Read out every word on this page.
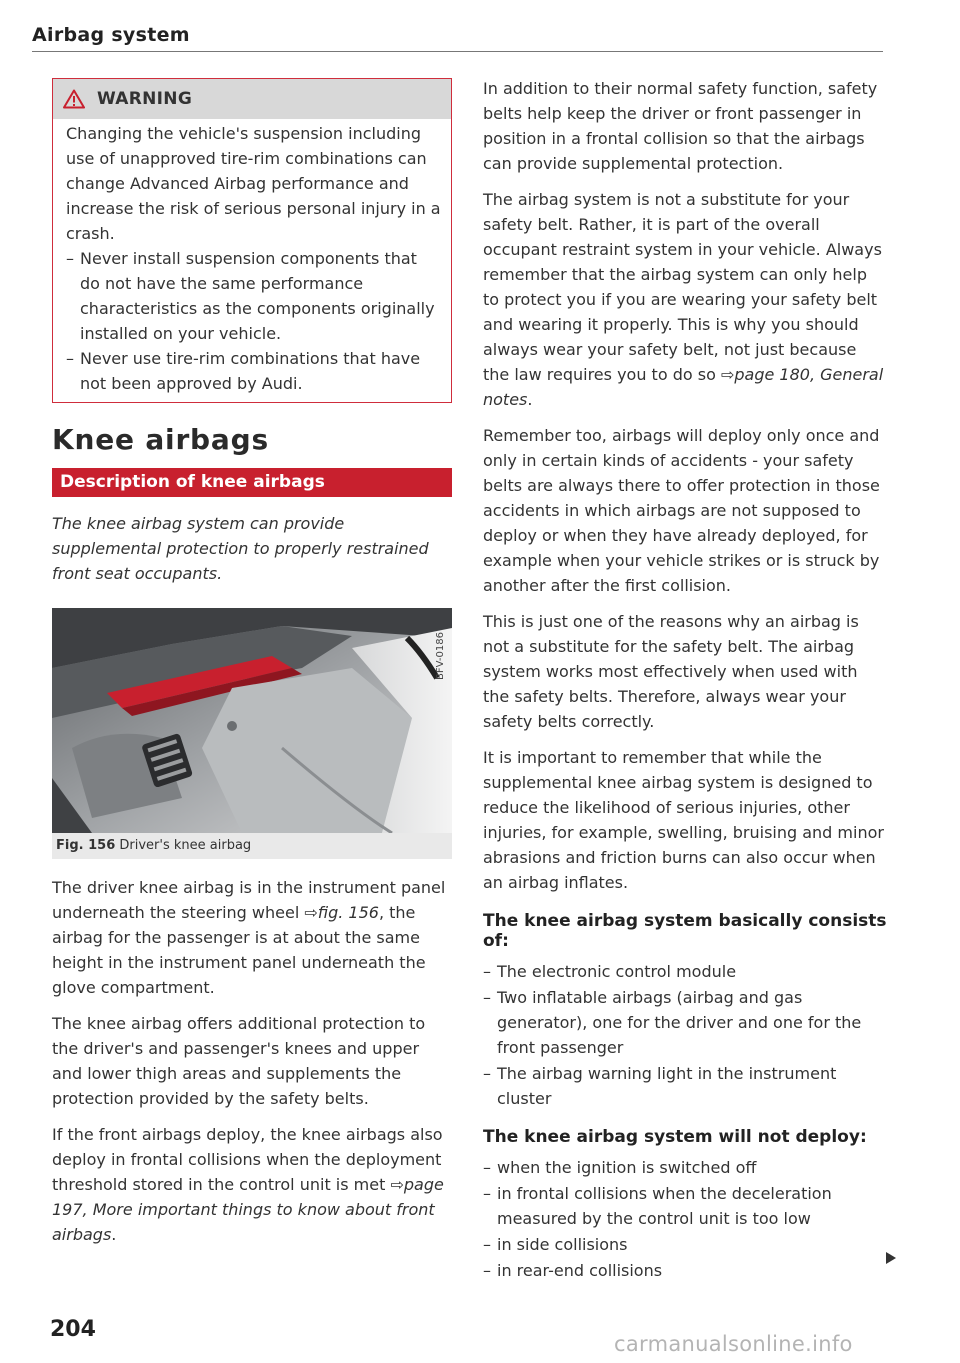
Airbag system
WARNING

Changing the vehicle's suspension including use of unapproved tire-rim combinations can change Advanced Airbag performance and increase the risk of serious personal injury in a crash.

– Never install suspension components that do not have the same performance characteristics as the components originally installed on your vehicle.
– Never use tire-rim combinations that have not been approved by Audi.
Knee airbags
Description of knee airbags
The knee airbag system can provide supplemental protection to properly restrained front seat occupants.
BFV-0186
Fig. 156 Driver's knee airbag

The driver knee airbag is in the instrument panel underneath the steering wheel ⇨fig. 156, the airbag for the passenger is at about the same height in the instrument panel underneath the glove compartment.

The knee airbag offers additional protection to the driver's and passenger's knees and upper and lower thigh areas and supplements the protection provided by the safety belts.

If the front airbags deploy, the knee airbags also deploy in frontal collisions when the deployment threshold stored in the control unit is met ⇨page 197, More important things to know about front airbags.

In addition to their normal safety function, safety belts help keep the driver or front passenger in position in a frontal collision so that the airbags can provide supplemental protection.

The airbag system is not a substitute for your safety belt. Rather, it is part of the overall occupant restraint system in your vehicle. Always remember that the airbag system can only help to protect you if you are wearing your safety belt and wearing it properly. This is why you should always wear your safety belt, not just because the law requires you to do so ⇨page 180, General notes.

Remember too, airbags will deploy only once and only in certain kinds of accidents - your safety belts are always there to offer protection in those accidents in which airbags are not supposed to deploy or when they have already deployed, for example when your vehicle strikes or is struck by another after the first collision.

This is just one of the reasons why an airbag is not a substitute for the safety belt. The airbag system works most effectively when used with the safety belts. Therefore, always wear your safety belts correctly.

It is important to remember that while the supplemental knee airbag system is designed to reduce the likelihood of serious injuries, other injuries, for example, swelling, bruising and minor abrasions and friction burns can also occur when an airbag inflates.

The knee airbag system basically consists of:
– The electronic control module
– Two inflatable airbags (airbag and gas generator), one for the driver and one for the front passenger
– The airbag warning light in the instrument cluster
The knee airbag system will not deploy:
– when the ignition is switched off
– in frontal collisions when the deceleration measured by the control unit is too low
– in side collisions
– in rear-end collisions
204
carmanualsonline.info
